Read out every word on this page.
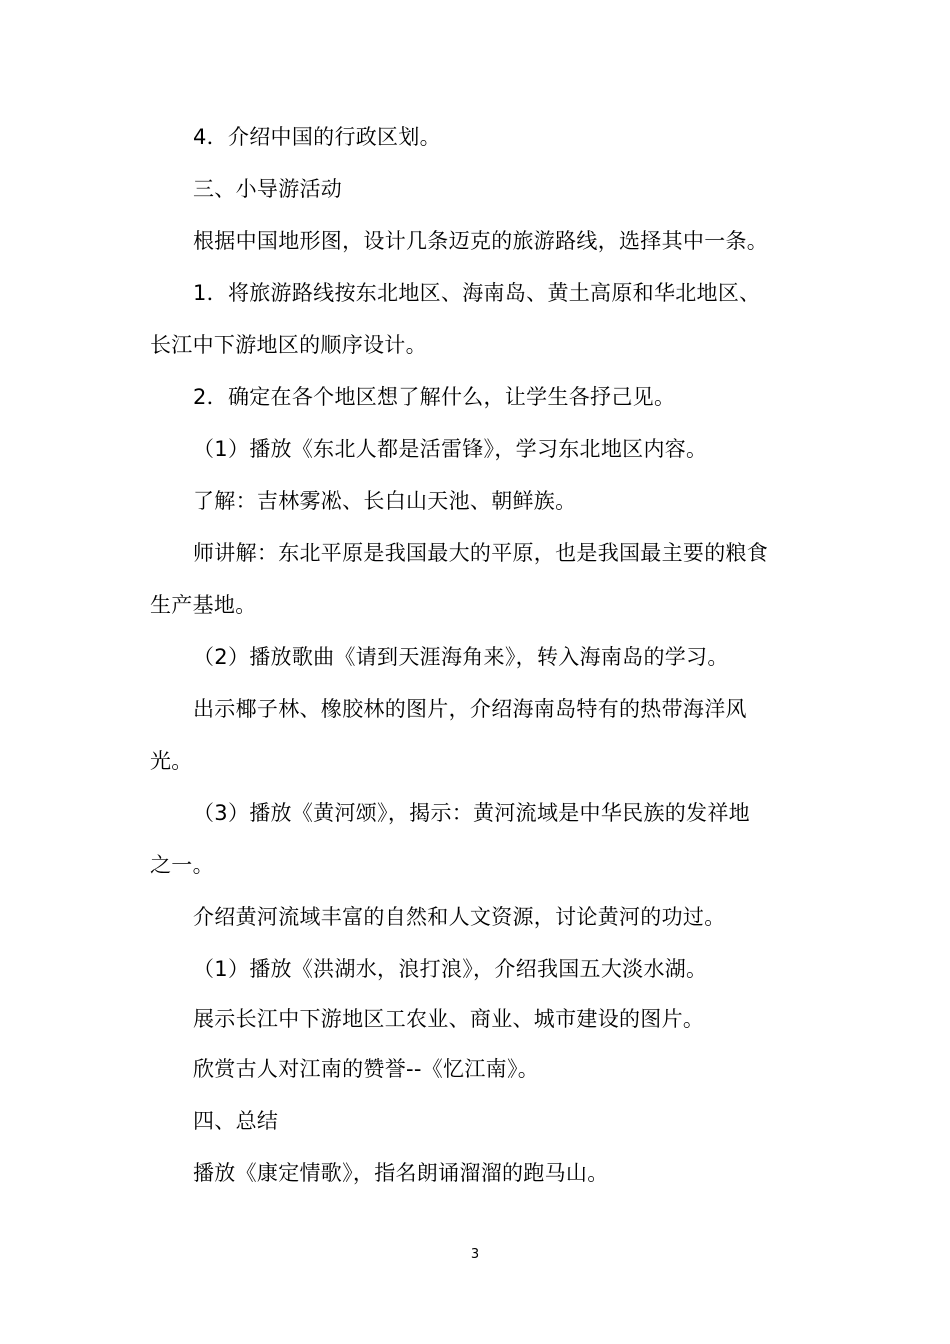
4．介绍中国的行政区划。
三、小导游活动
根据中国地形图，设计几条迈克的旅游路线，选择其中一条。
1．将旅游路线按东北地区、海南岛、黄土高原和华北地区、
长江中下游地区的顺序设计。
2．确定在各个地区想了解什么，让学生各抒己见。
（1）播放《东北人都是活雷锋》，学习东北地区内容。
了解：吉林雾凇、长白山天池、朝鲜族。
师讲解：东北平原是我国最大的平原，也是我国最主要的粮食
生产基地。
（2）播放歌曲《请到天涯海角来》，转入海南岛的学习。
出示椰子林、橡胶林的图片，介绍海南岛特有的热带海洋风
光。
（3）播放《黄河颂》，揭示：黄河流域是中华民族的发祥地
之一。
介绍黄河流域丰富的自然和人文资源，讨论黄河的功过。
（1）播放《洪湖水，浪打浪》，介绍我国五大淡水湖。
展示长江中下游地区工农业、商业、城市建设的图片。
欣赏古人对江南的赞誉--《忆江南》。
四、总结
播放《康定情歌》，指名朗诵溜溜的跑马山。
3
